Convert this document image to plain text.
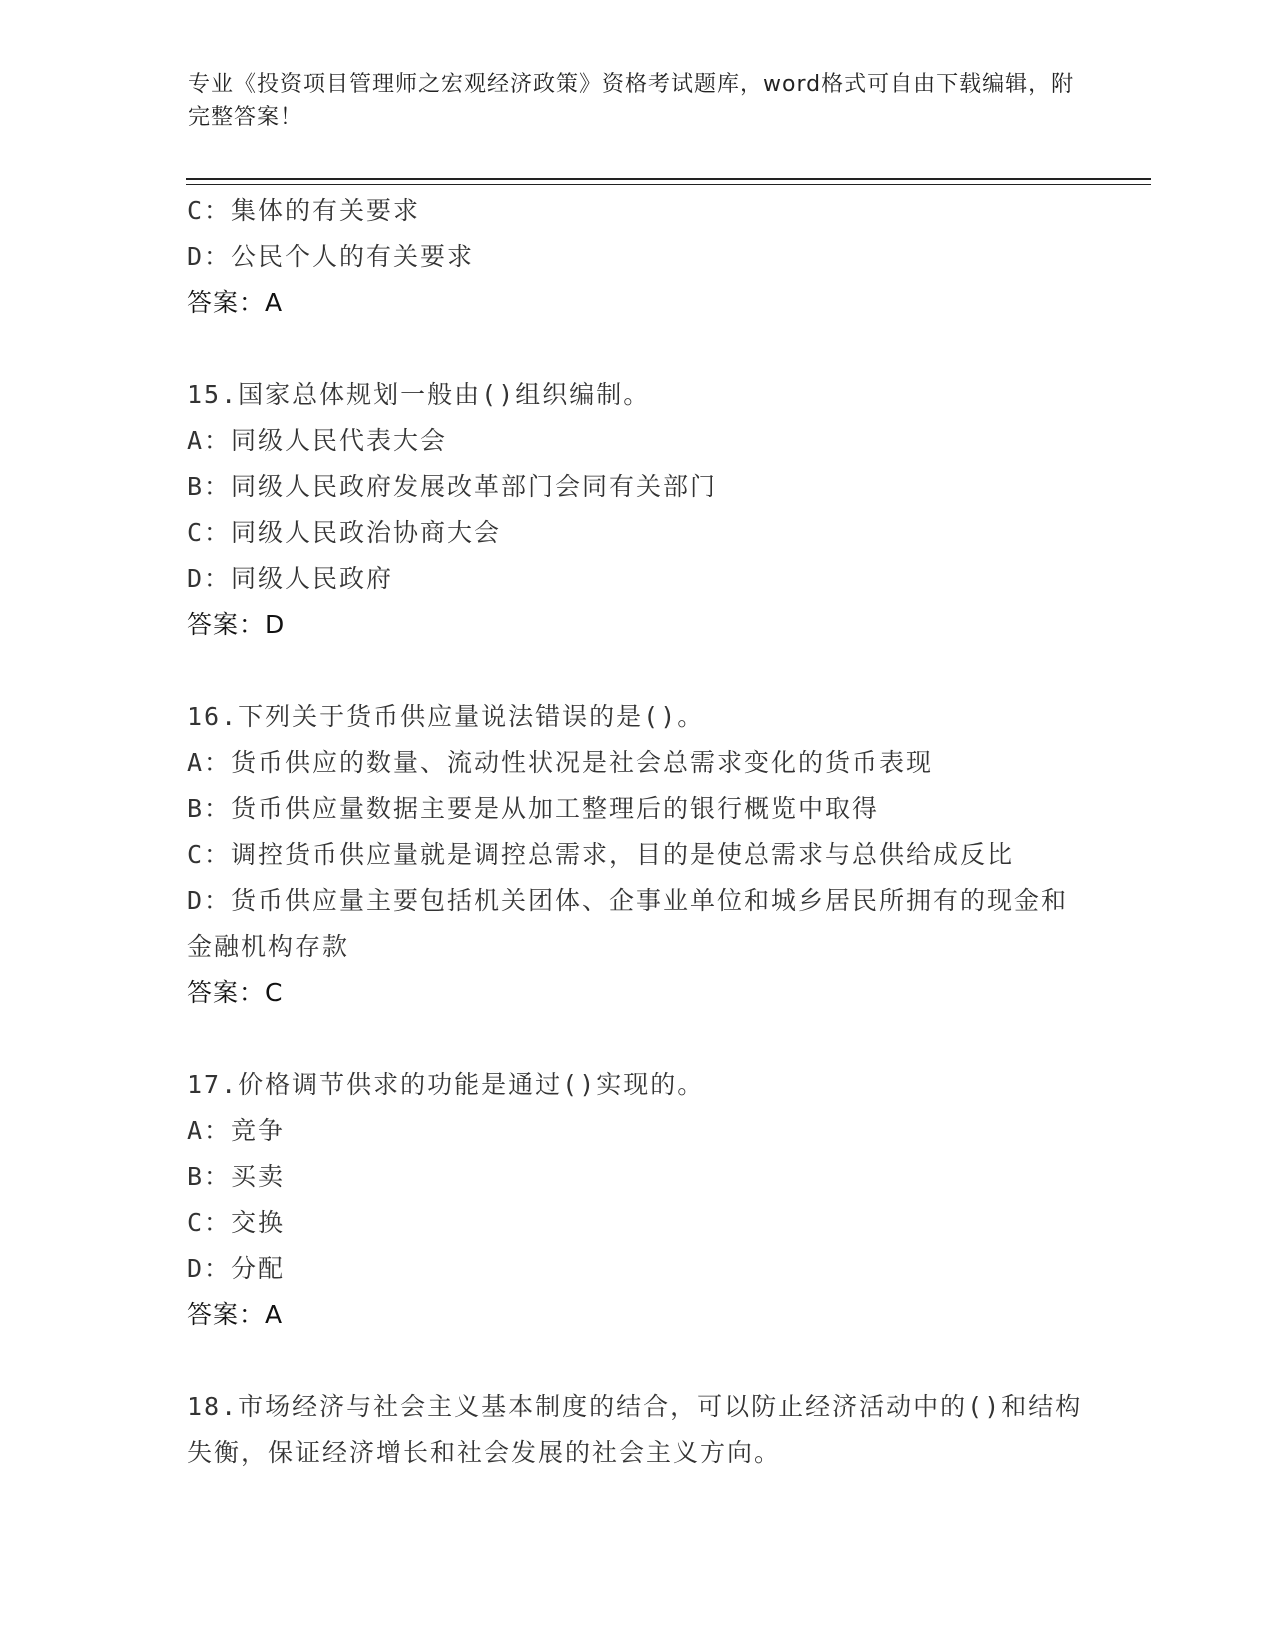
专业《投资项目管理师之宏观经济政策》资格考试题库，word格式可自由下载编辑，附完整答案！
C：集体的有关要求
D：公民个人的有关要求
答案：A
15.国家总体规划一般由()组织编制。
A：同级人民代表大会
B：同级人民政府发展改革部门会同有关部门
C：同级人民政治协商大会
D：同级人民政府
答案：D
16.下列关于货币供应量说法错误的是()。
A：货币供应的数量、流动性状况是社会总需求变化的货币表现
B：货币供应量数据主要是从加工整理后的银行概览中取得
C：调控货币供应量就是调控总需求，目的是使总需求与总供给成反比
D：货币供应量主要包括机关团体、企事业单位和城乡居民所拥有的现金和金融机构存款
答案：C
17.价格调节供求的功能是通过()实现的。
A：竞争
B：买卖
C：交换
D：分配
答案：A
18.市场经济与社会主义基本制度的结合，可以防止经济活动中的()和结构失衡，保证经济增长和社会发展的社会主义方向。
